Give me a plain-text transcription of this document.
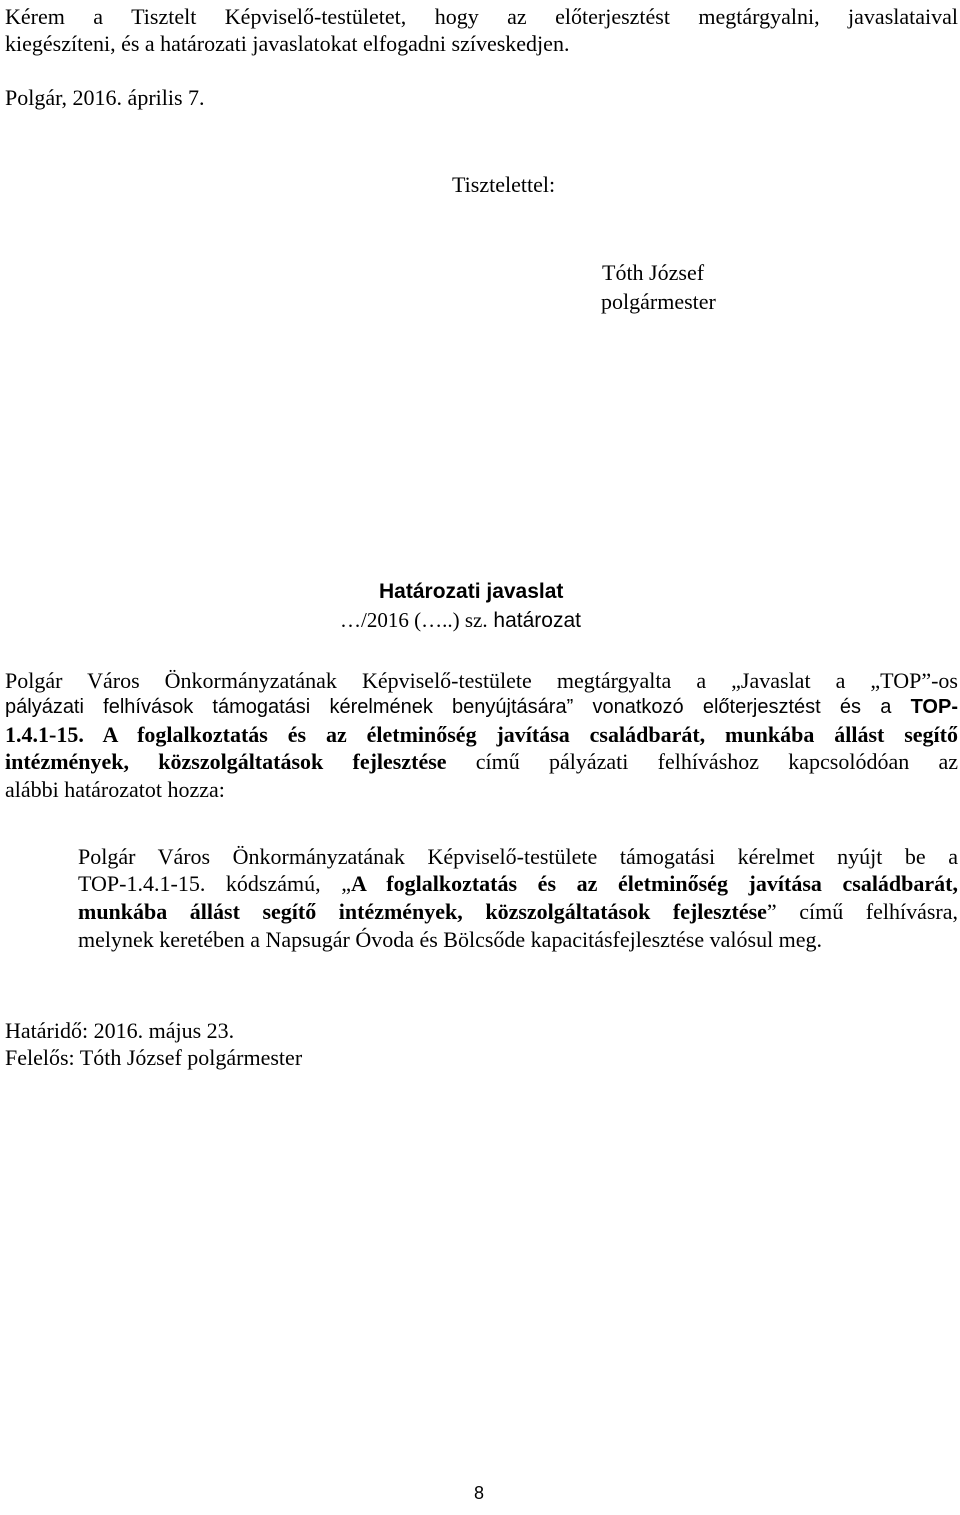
Kérem a Tisztelt Képviselő-testületet, hogy az előterjesztést megtárgyalni, javaslataival
kiegészíteni, és a határozati javaslatokat elfogadni szíveskedjen.
Polgár, 2016. április 7.
Tisztelettel:
Tóth József
polgármester
Határozati javaslat
…/2016 (…..) sz. határozat
Polgár Város Önkormányzatának Képviselő-testülete megtárgyalta a „Javaslat a „TOP”-os
pályázati felhívások támogatási kérelmének benyújtására” vonatkozó előterjesztést és a TOP-
1.4.1-15. A foglalkoztatás és az életminőség javítása családbarát, munkába állást segítő
intézmények, közszolgáltatások fejlesztése című pályázati felhíváshoz kapcsolódóan az
alábbi határozatot hozza:
Polgár Város Önkormányzatának Képviselő-testülete támogatási kérelmet nyújt be a
TOP-1.4.1-15. kódszámú, „A foglalkoztatás és az életminőség javítása családbarát,
munkába állást segítő intézmények, közszolgáltatások fejlesztése” című felhívásra,
melynek keretében a Napsugár Óvoda és Bölcsőde kapacitásfejlesztése valósul meg.
Határidő: 2016. május 23.
Felelős: Tóth József polgármester
8
